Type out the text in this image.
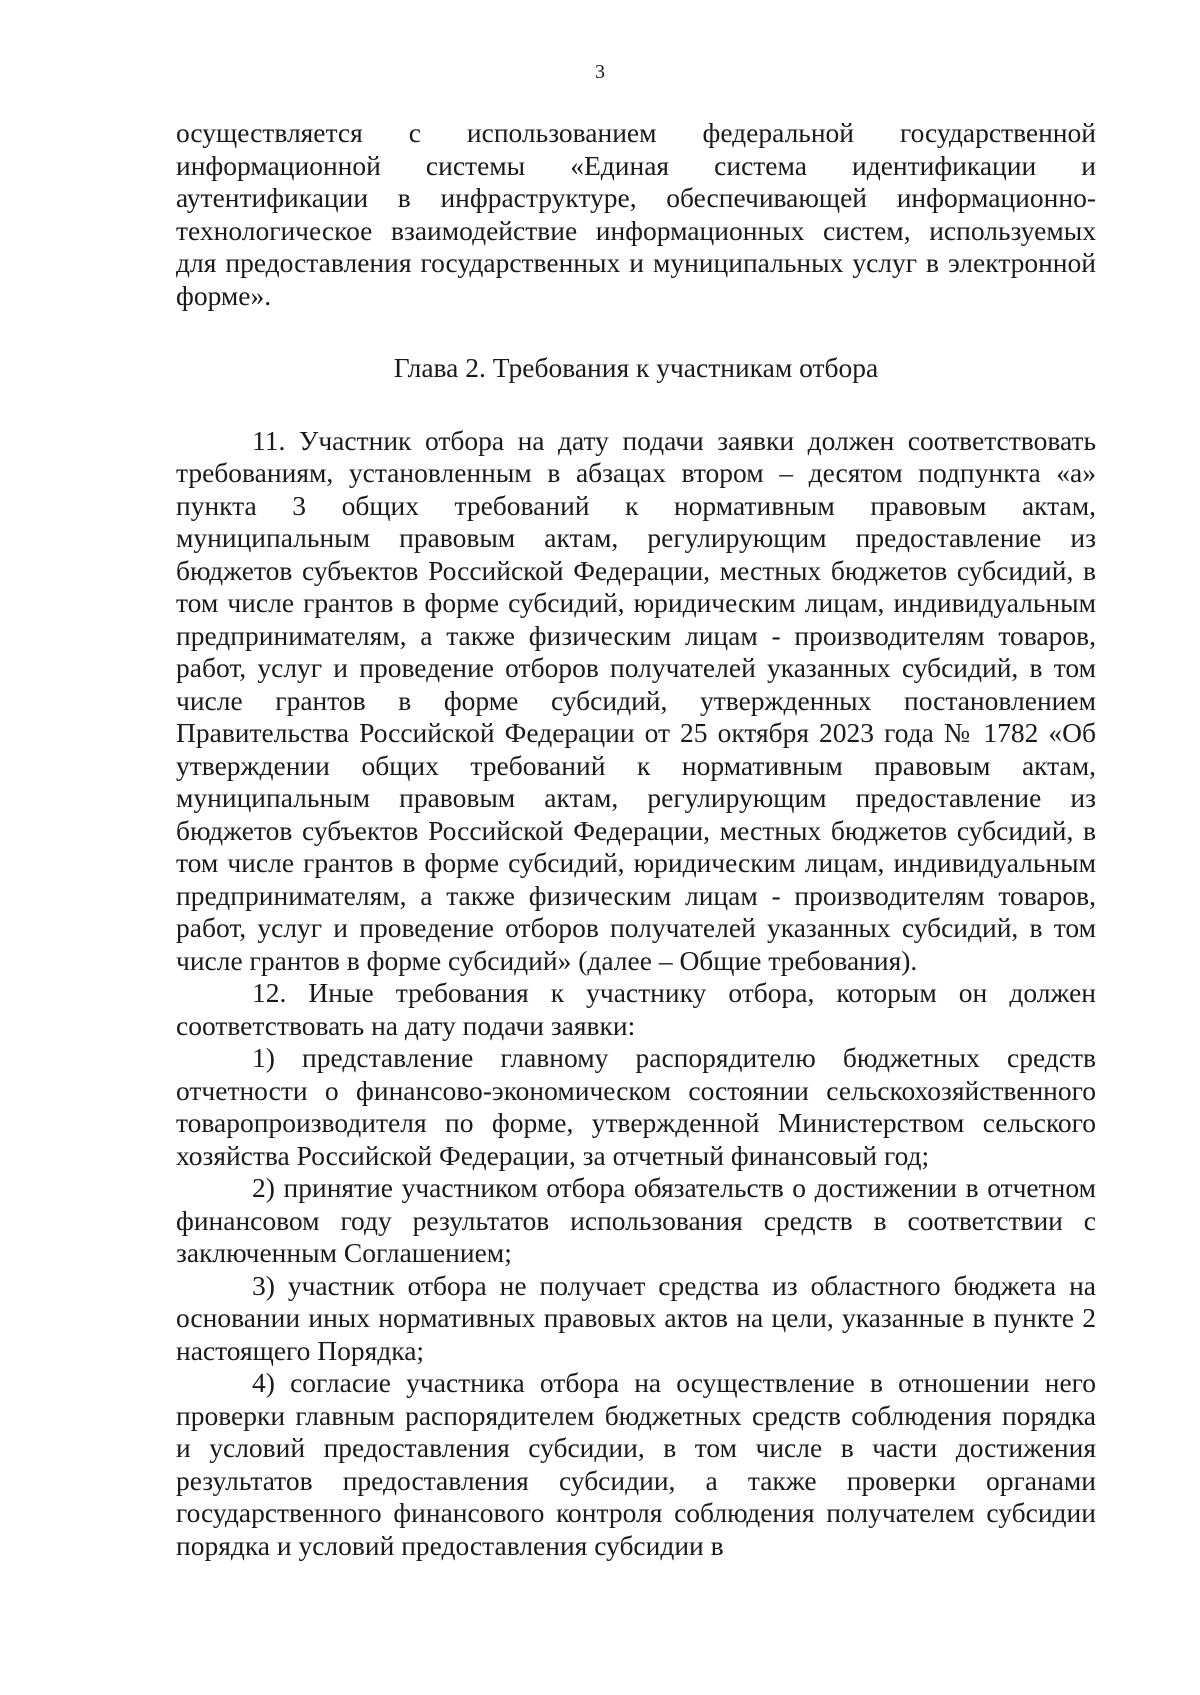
3

осуществляется с использованием федеральной государственной информационной системы «Единая система идентификации и аутентификации в инфраструктуре, обеспечивающей информационно-технологическое взаимодействие информационных систем, используемых для предоставления государственных и муниципальных услуг в электронной форме».

Глава 2. Требования к участникам отбора

11. Участник отбора на дату подачи заявки должен соответствовать требованиям, установленным в абзацах втором – десятом подпункта «а» пункта 3 общих требований к нормативным правовым актам, муниципальным правовым актам, регулирующим предоставление из бюджетов субъектов Российской Федерации, местных бюджетов субсидий, в том числе грантов в форме субсидий, юридическим лицам, индивидуальным предпринимателям, а также физическим лицам - производителям товаров, работ, услуг и проведение отборов получателей указанных субсидий, в том числе грантов в форме субсидий, утвержденных постановлением Правительства Российской Федерации от 25 октября 2023 года № 1782 «Об утверждении общих требований к нормативным правовым актам, муниципальным правовым актам, регулирующим предоставление из бюджетов субъектов Российской Федерации, местных бюджетов субсидий, в том числе грантов в форме субсидий, юридическим лицам, индивидуальным предпринимателям, а также физическим лицам - производителям товаров, работ, услуг и проведение отборов получателей указанных субсидий, в том числе грантов в форме субсидий» (далее – Общие требования).

12. Иные требования к участнику отбора, которым он должен соответствовать на дату подачи заявки:

1) представление главному распорядителю бюджетных средств отчетности о финансово-экономическом состоянии сельскохозяйственного товаропроизводителя по форме, утвержденной Министерством сельского хозяйства Российской Федерации, за отчетный финансовый год;

2) принятие участником отбора обязательств о достижении в отчетном финансовом году результатов использования средств в соответствии с заключенным Соглашением;

3) участник отбора не получает средства из областного бюджета на основании иных нормативных правовых актов на цели, указанные в пункте 2 настоящего Порядка;

4) согласие участника отбора на осуществление в отношении него проверки главным распорядителем бюджетных средств соблюдения порядка и условий предоставления субсидии, в том числе в части достижения результатов предоставления субсидии, а также проверки органами государственного финансового контроля соблюдения получателем субсидии порядка и условий предоставления субсидии в
